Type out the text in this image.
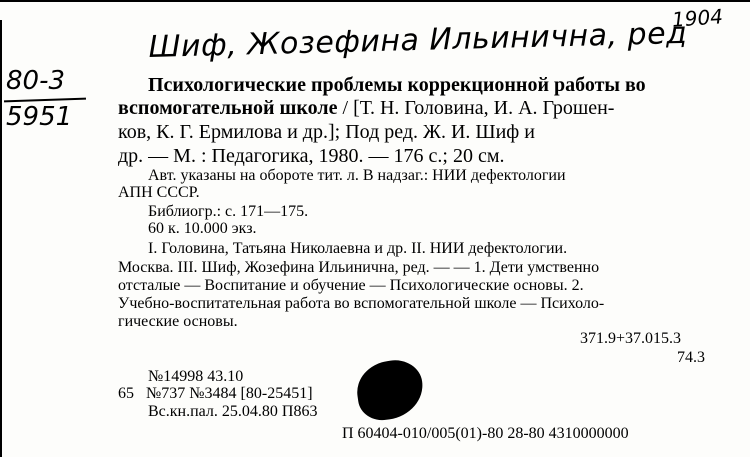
1904
Шиф, Жозефина Ильинична, ред
80-3
5951
Психологические проблемы коррекционной работы во
вспомогательной школе / [Т. Н. Головина, И. А. Грошен-
ков, К. Г. Ермилова и др.]; Под ред. Ж. И. Шиф и
др. — М. : Педагогика, 1980. — 176 с.; 20 см.
Авт. указаны на обороте тит. л. В надзаг.: НИИ дефектологии
АПН СССР.
Библиогр.: с. 171—175.
60 к. 10.000 экз.
I. Головина, Татьяна Николаевна и др. II. НИИ дефектологии.
Москва. III. Шиф, Жозефина Ильинична, ред. — — 1. Дети умственно
отсталые — Воспитание и обучение — Психологические основы. 2.
Учебно-воспитательная работа во вспомогательной школе — Психоло-
гические основы.
371.9+37.015.3
74.3
№14998 43.10
65 №737 №3484 [80-25451]
Вс.кн.пал. 25.04.80 П863
П 60404-010/005(01)-80 28-80 4310000000
